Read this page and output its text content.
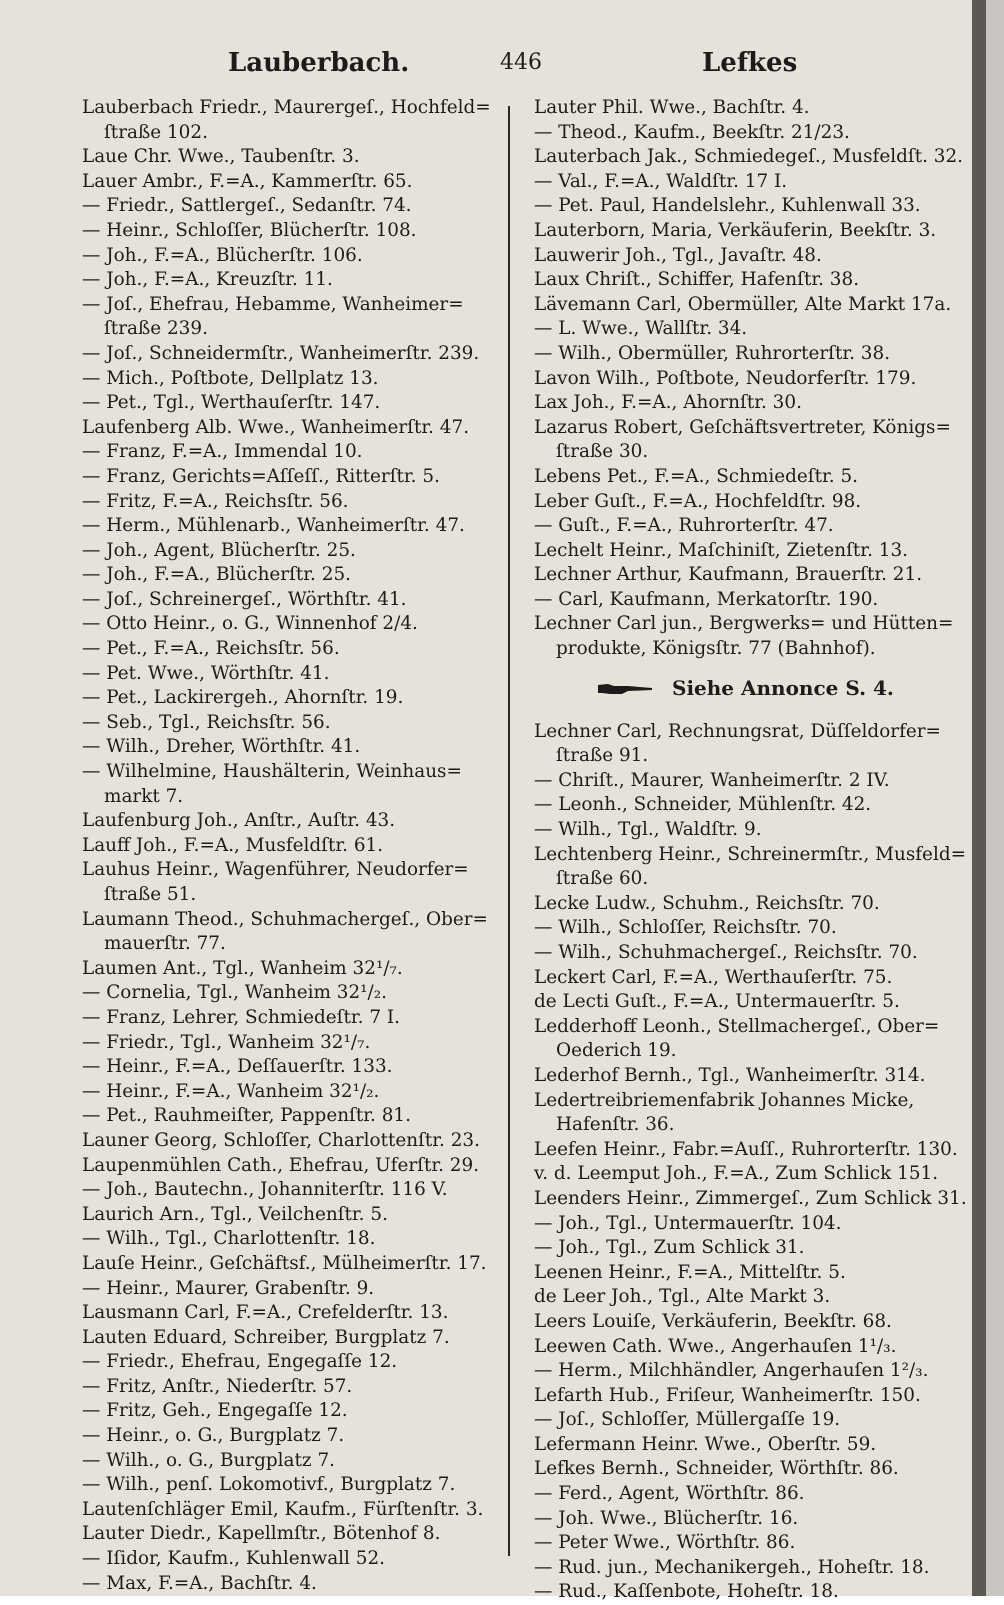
Lauberbach.	446	Lefkes
Lauberbach Friedr., Maurergeſ., Hochfeld=
ſtraße 102.
Laue Chr. Wwe., Taubenſtr. 3.
Lauer Ambr., F.=A., Kammerſtr. 65.
— Friedr., Sattlergeſ., Sedanſtr. 74.
— Heinr., Schloſſer, Blücherſtr. 108.
— Joh., F.=A., Blücherſtr. 106.
— Joh., F.=A., Kreuzſtr. 11.
— Joſ., Ehefrau, Hebamme, Wanheimer=
ſtraße 239.
— Joſ., Schneidermſtr., Wanheimerſtr. 239.
— Mich., Poſtbote, Dellplatz 13.
— Pet., Tgl., Werthauſerſtr. 147.
Laufenberg Alb. Wwe., Wanheimerſtr. 47.
— Franz, F.=A., Immendal 10.
— Franz, Gerichts=Aſſeſſ., Ritterſtr. 5.
— Fritz, F.=A., Reichsſtr. 56.
— Herm., Mühlenarb., Wanheimerſtr. 47.
— Joh., Agent, Blücherſtr. 25.
— Joh., F.=A., Blücherſtr. 25.
— Joſ., Schreinergeſ., Wörthſtr. 41.
— Otto Heinr., o. G., Winnenhof 2/4.
— Pet., F.=A., Reichsſtr. 56.
— Pet. Wwe., Wörthſtr. 41.
— Pet., Lackirergeh., Ahornſtr. 19.
— Seb., Tgl., Reichsſtr. 56.
— Wilh., Dreher, Wörthſtr. 41.
— Wilhelmine, Haushälterin, Weinhaus=
markt 7.
Laufenburg Joh., Anſtr., Auſtr. 43.
Lauff Joh., F.=A., Musfeldſtr. 61.
Lauhus Heinr., Wagenführer, Neudorfer=
ſtraße 51.
Laumann Theod., Schuhmachergeſ., Ober=
mauerſtr. 77.
Laumen Ant., Tgl., Wanheim 32¹/₇.
— Cornelia, Tgl., Wanheim 32¹/₂.
— Franz, Lehrer, Schmiedeſtr. 7 I.
— Friedr., Tgl., Wanheim 32¹/₇.
— Heinr., F.=A., Deſſauerſtr. 133.
— Heinr., F.=A., Wanheim 32¹/₂.
— Pet., Rauhmeiſter, Pappenſtr. 81.
Launer Georg, Schloſſer, Charlottenſtr. 23.
Laupenmühlen Cath., Ehefrau, Uferſtr. 29.
— Joh., Bautechn., Johanniterſtr. 116 V.
Laurich Arn., Tgl., Veilchenſtr. 5.
— Wilh., Tgl., Charlottenſtr. 18.
Lauſe Heinr., Geſchäftsf., Mülheimerſtr. 17.
— Heinr., Maurer, Grabenſtr. 9.
Lausmann Carl, F.=A., Crefelderſtr. 13.
Lauten Eduard, Schreiber, Burgplatz 7.
— Friedr., Ehefrau, Engegaſſe 12.
— Fritz, Anſtr., Niederſtr. 57.
— Fritz, Geh., Engegaſſe 12.
— Heinr., o. G., Burgplatz 7.
— Wilh., o. G., Burgplatz 7.
— Wilh., penſ. Lokomotivf., Burgplatz 7.
Lautenſchläger Emil, Kaufm., Fürſtenſtr. 3.
Lauter Diedr., Kapellmſtr., Bötenhof 8.
— Iſidor, Kaufm., Kuhlenwall 52.
— Max, F.=A., Bachſtr. 4.
Lauter Phil. Wwe., Bachſtr. 4.
— Theod., Kaufm., Beekſtr. 21/23.
Lauterbach Jak., Schmiedegeſ., Musfeldſt. 32.
— Val., F.=A., Waldſtr. 17 I.
— Pet. Paul, Handelslehr., Kuhlenwall 33.
Lauterborn, Maria, Verkäuferin, Beekſtr. 3.
Lauwerir Joh., Tgl., Javaſtr. 48.
Laux Chriſt., Schiffer, Hafenſtr. 38.
Lävemann Carl, Obermüller, Alte Markt 17a.
— L. Wwe., Wallſtr. 34.
— Wilh., Obermüller, Ruhrorterſtr. 38.
Lavon Wilh., Poſtbote, Neudorferſtr. 179.
Lax Joh., F.=A., Ahornſtr. 30.
Lazarus Robert, Geſchäftsvertreter, Königs=
ſtraße 30.
Lebens Pet., F.=A., Schmiedeſtr. 5.
Leber Guſt., F.=A., Hochfeldſtr. 98.
— Guſt., F.=A., Ruhrorterſtr. 47.
Lechelt Heinr., Maſchiniſt, Zietenſtr. 13.
Lechner Arthur, Kaufmann, Brauerſtr. 21.
— Carl, Kaufmann, Merkatorſtr. 190.
Lechner Carl jun., Bergwerks= und Hütten=
produkte, Königsſtr. 77 (Bahnhof).
Siehe Annonce S. 4.
Lechner Carl, Rechnungsrat, Düſſeldorfer=
ſtraße 91.
— Chriſt., Maurer, Wanheimerſtr. 2 IV.
— Leonh., Schneider, Mühlenſtr. 42.
— Wilh., Tgl., Waldſtr. 9.
Lechtenberg Heinr., Schreinermſtr., Musfeld=
ſtraße 60.
Lecke Ludw., Schuhm., Reichsſtr. 70.
— Wilh., Schloſſer, Reichsſtr. 70.
— Wilh., Schuhmachergeſ., Reichsſtr. 70.
Leckert Carl, F.=A., Werthauſerſtr. 75.
de Lecti Guſt., F.=A., Untermauerſtr. 5.
Ledderhoff Leonh., Stellmachergeſ., Ober=
Oederich 19.
Lederhof Bernh., Tgl., Wanheimerſtr. 314.
Ledertreibriemenfabrik Johannes Micke,
Hafenſtr. 36.
Leefen Heinr., Fabr.=Auſſ., Ruhrorterſtr. 130.
v. d. Leemput Joh., F.=A., Zum Schlick 151.
Leenders Heinr., Zimmergeſ., Zum Schlick 31.
— Joh., Tgl., Untermauerſtr. 104.
— Joh., Tgl., Zum Schlick 31.
Leenen Heinr., F.=A., Mittelſtr. 5.
de Leer Joh., Tgl., Alte Markt 3.
Leers Louiſe, Verkäuferin, Beekſtr. 68.
Leewen Cath. Wwe., Angerhauſen 1¹/₃.
— Herm., Milchhändler, Angerhauſen 1²/₃.
Lefarth Hub., Friſeur, Wanheimerſtr. 150.
— Joſ., Schloſſer, Müllergaſſe 19.
Lefermann Heinr. Wwe., Oberſtr. 59.
Lefkes Bernh., Schneider, Wörthſtr. 86.
— Ferd., Agent, Wörthſtr. 86.
— Joh. Wwe., Blücherſtr. 16.
— Peter Wwe., Wörthſtr. 86.
— Rud. jun., Mechanikergeh., Hoheſtr. 18.
— Rud., Kaſſenbote, Hoheſtr. 18.
